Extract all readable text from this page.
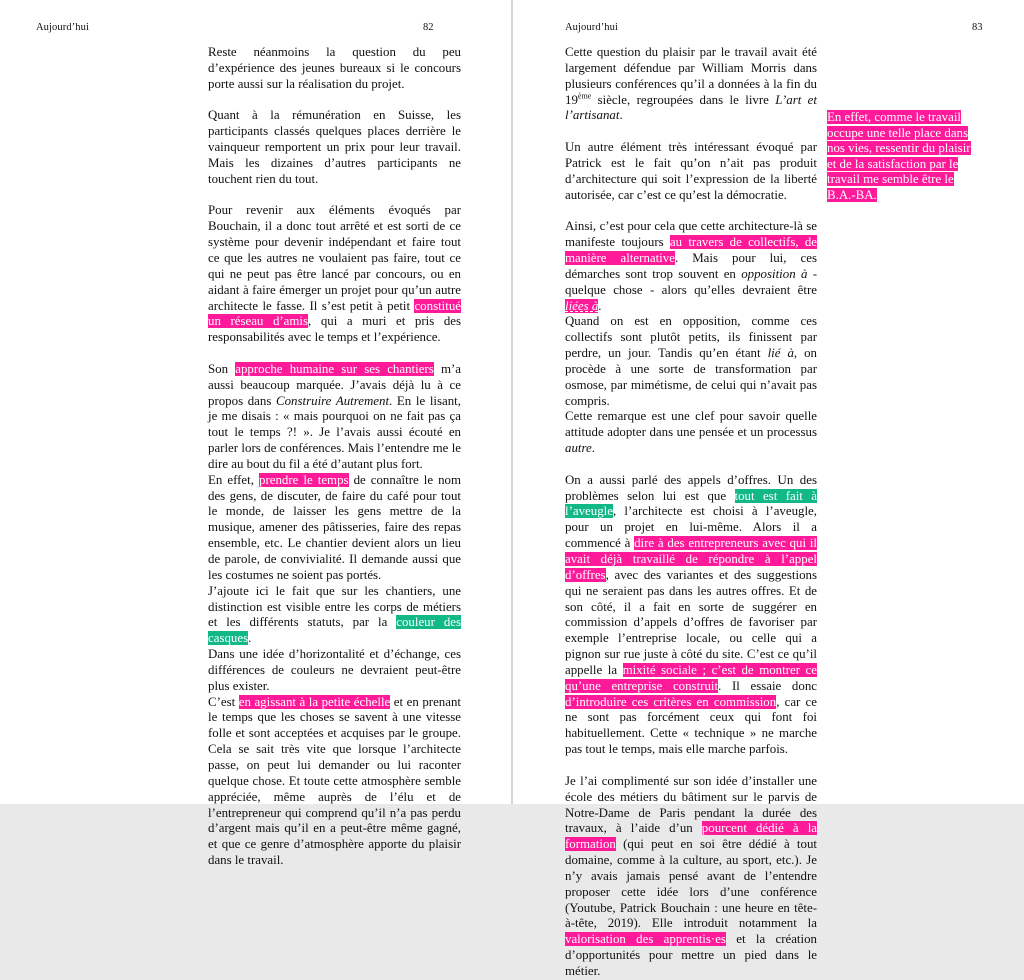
Aujourd’hui	82

Reste néanmoins la question du peu d’expérience des jeunes bureaux si le concours porte aussi sur la réalisation du projet.

Quant à la rémunération en Suisse, les participants classés quelques places derrière le vainqueur remportent un prix pour leur travail. Mais les dizaines d’autres participants ne touchent rien du tout.

Pour revenir aux éléments évoqués par Bouchain, il a donc tout arrêté et est sorti de ce système pour devenir indépendant et faire tout ce que les autres ne voulaient pas faire, tout ce qui ne peut pas être lancé par concours, ou en aidant à faire émerger un projet pour qu’un autre architecte le fasse. Il s’est petit à petit constitué un réseau d’amis, qui a muri et pris des responsabilités avec le temps et l’expérience.

Son approche humaine sur ses chantiers m’a aussi beaucoup marquée. J’avais déjà lu à ce propos dans Construire Autrement. En le lisant, je me disais : « mais pourquoi on ne fait pas ça tout le temps ?! ». Je l’avais aussi écouté en parler lors de conférences. Mais l’entendre me le dire au bout du fil a été d’autant plus fort.

En effet, prendre le temps de connaître le nom des gens, de discuter, de faire du café pour tout le monde, de laisser les gens mettre de la musique, amener des pâtisseries, faire des repas ensemble, etc. Le chantier devient alors un lieu de parole, de convivialité. Il demande aussi que les costumes ne soient pas portés.

J’ajoute ici le fait que sur les chantiers, une distinction est visible entre les corps de métiers et les différents statuts, par la couleur des casques.

Dans une idée d’horizontalité et d’échange, ces différences de couleurs ne devraient peut-être plus exister.

C’est en agissant à la petite échelle et en prenant le temps que les choses se savent à une vitesse folle et sont acceptées et acquises par le groupe. Cela se sait très vite que lorsque l’architecte passe, on peut lui demander ou lui raconter quelque chose. Et toute cette atmosphère semble appréciée, même auprès de l’élu et de l’entrepreneur qui comprend qu’il n’a pas perdu d’argent mais qu’il en a peut-être même gagné, et que ce genre d’atmosphère apporte du plaisir dans le travail.

Aujourd’hui	83

Cette question du plaisir par le travail avait été largement défendue par William Morris dans plusieurs conférences qu’il a données à la fin du 19ème siècle, regroupées dans le livre L’art et l’artisanat.

Un autre élément très intéressant évoqué par Patrick est le fait qu’on n’ait pas produit d’architecture qui soit l’expression de la liberté autorisée, car c’est ce qu’est la démocratie.

Ainsi, c’est pour cela que cette architecture-là se manifeste toujours au travers de collectifs, de manière alternative. Mais pour lui, ces démarches sont trop souvent en opposition à - quelque chose - alors qu’elles devraient être liées à.

Quand on est en opposition, comme ces collectifs sont plutôt petits, ils finissent par perdre, un jour. Tandis qu’en étant lié à, on procède à une sorte de transformation par osmose, par mimétisme, de celui qui n’avait pas compris.

Cette remarque est une clef pour savoir quelle attitude adopter dans une pensée et un processus autre.

On a aussi parlé des appels d’offres. Un des problèmes selon lui est que tout est fait à l’aveugle, l’architecte est choisi à l’aveugle, pour un projet en lui-même. Alors il a commencé à dire à des entrepreneurs avec qui il avait déjà travaillé de répondre à l’appel d’offres, avec des variantes et des suggestions qui ne seraient pas dans les autres offres. Et de son côté, il a fait en sorte de suggérer en commission d’appels d’offres de favoriser par exemple l’entreprise locale, ou celle qui a pignon sur rue juste à côté du site. C’est ce qu’il appelle la mixité sociale ; c’est de montrer ce qu’une entreprise construit. Il essaie donc d’introduire ces critères en commission, car ce ne sont pas forcément ceux qui font foi habituellement. Cette « technique » ne marche pas tout le temps, mais elle marche parfois.

Je l’ai complimenté sur son idée d’installer une école des métiers du bâtiment sur le parvis de Notre-Dame de Paris pendant la durée des travaux, à l’aide d’un pourcent dédié à la formation (qui peut en soi être dédié à tout domaine, comme à la culture, au sport, etc.). Je n’y avais jamais pensé avant de l’entendre proposer cette idée lors d’une conférence (Youtube, Patrick Bouchain : une heure en tête-à-tête, 2019). Elle introduit notamment la valorisation des apprentis·es et la création d’opportunités pour mettre un pied dans le métier.

En effet, comme le travail occupe une telle place dans nos vies, ressentir du plaisir et de la satisfaction par le travail me semble être le B.A.-BA.
